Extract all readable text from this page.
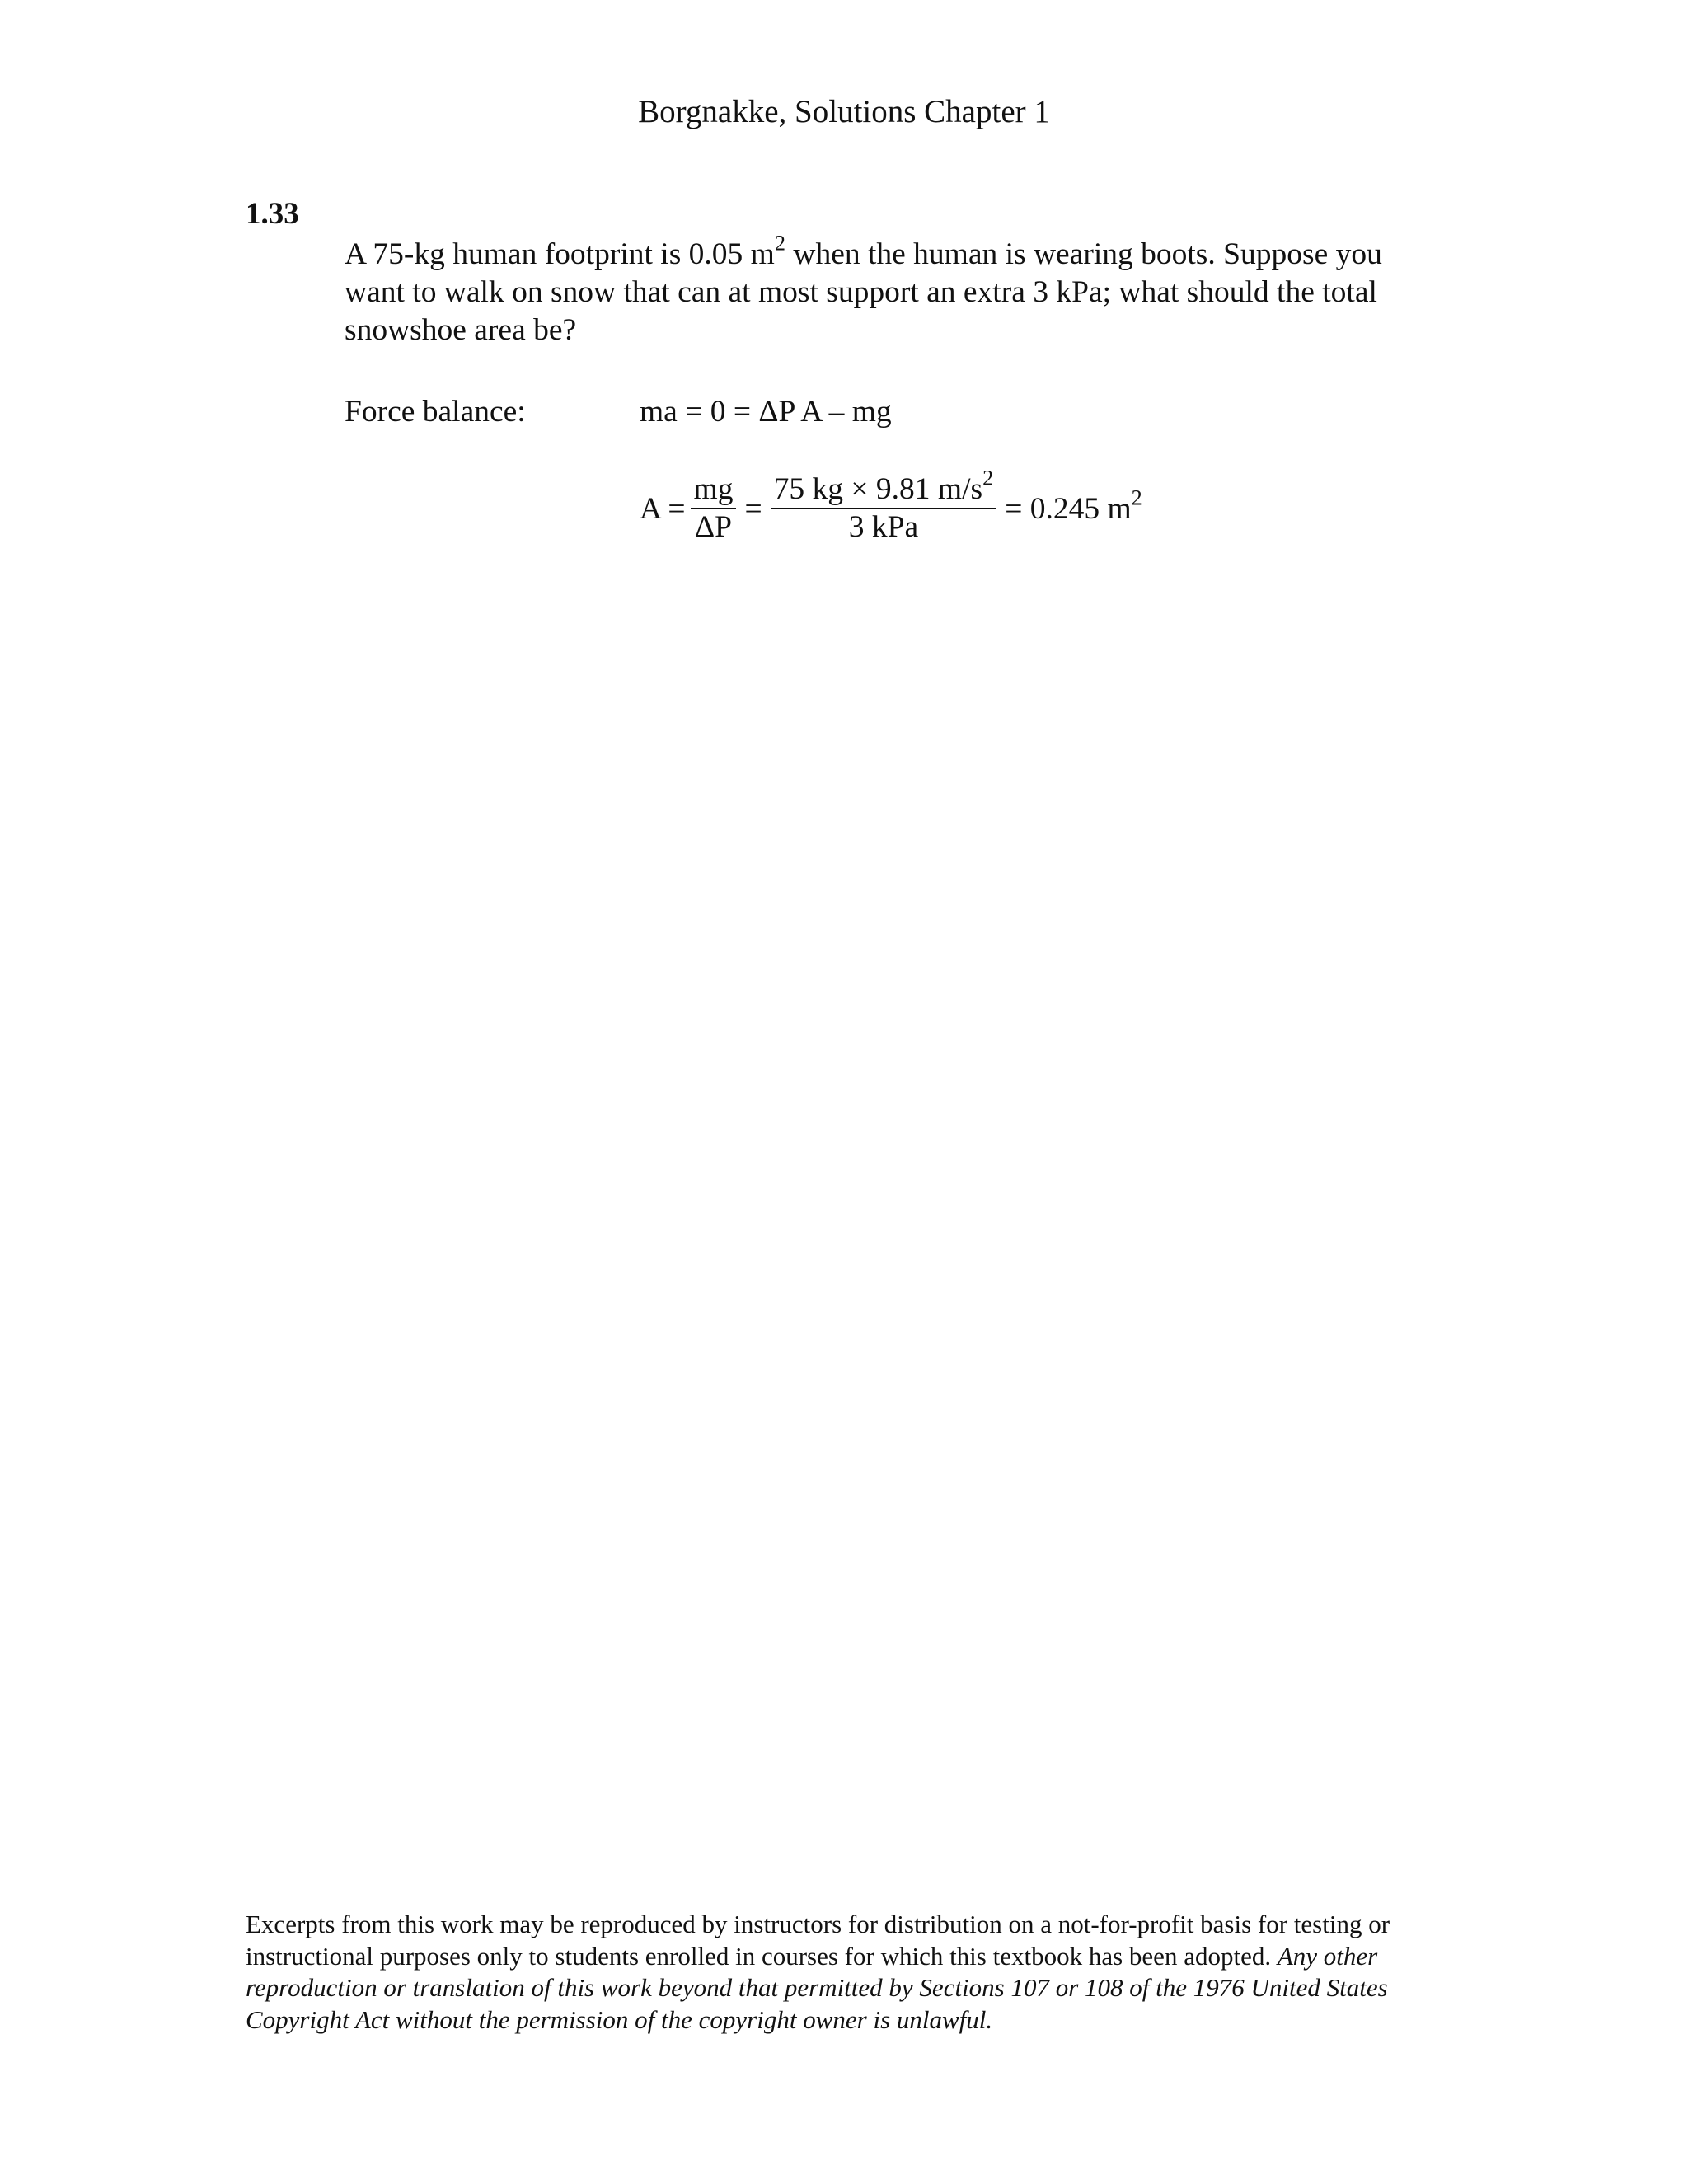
Borgnakke, Solutions Chapter 1
1.33
A 75-kg human footprint is 0.05 $m^2$ when the human is wearing boots. Suppose you want to walk on snow that can at most support an extra 3 kPa; what should the total snowshoe area be?
Force balance:	ma = 0 = ΔP A – mg
$A = \frac{mg}{\Delta P} = \frac{75 kg \times 9.81 m/s^2}{\text{3 kPa}} = 0.245$ $m^2$
Excerpts from this work may be reproduced by instructors for distribution on a not-for-profit basis for testing or instructional purposes only to students enrolled in courses for which this textbook has been adopted. Any other reproduction or translation of this work beyond that permitted by Sections 107 or 108 of the 1976 United States Copyright Act without the permission of the copyright owner is unlawful.
